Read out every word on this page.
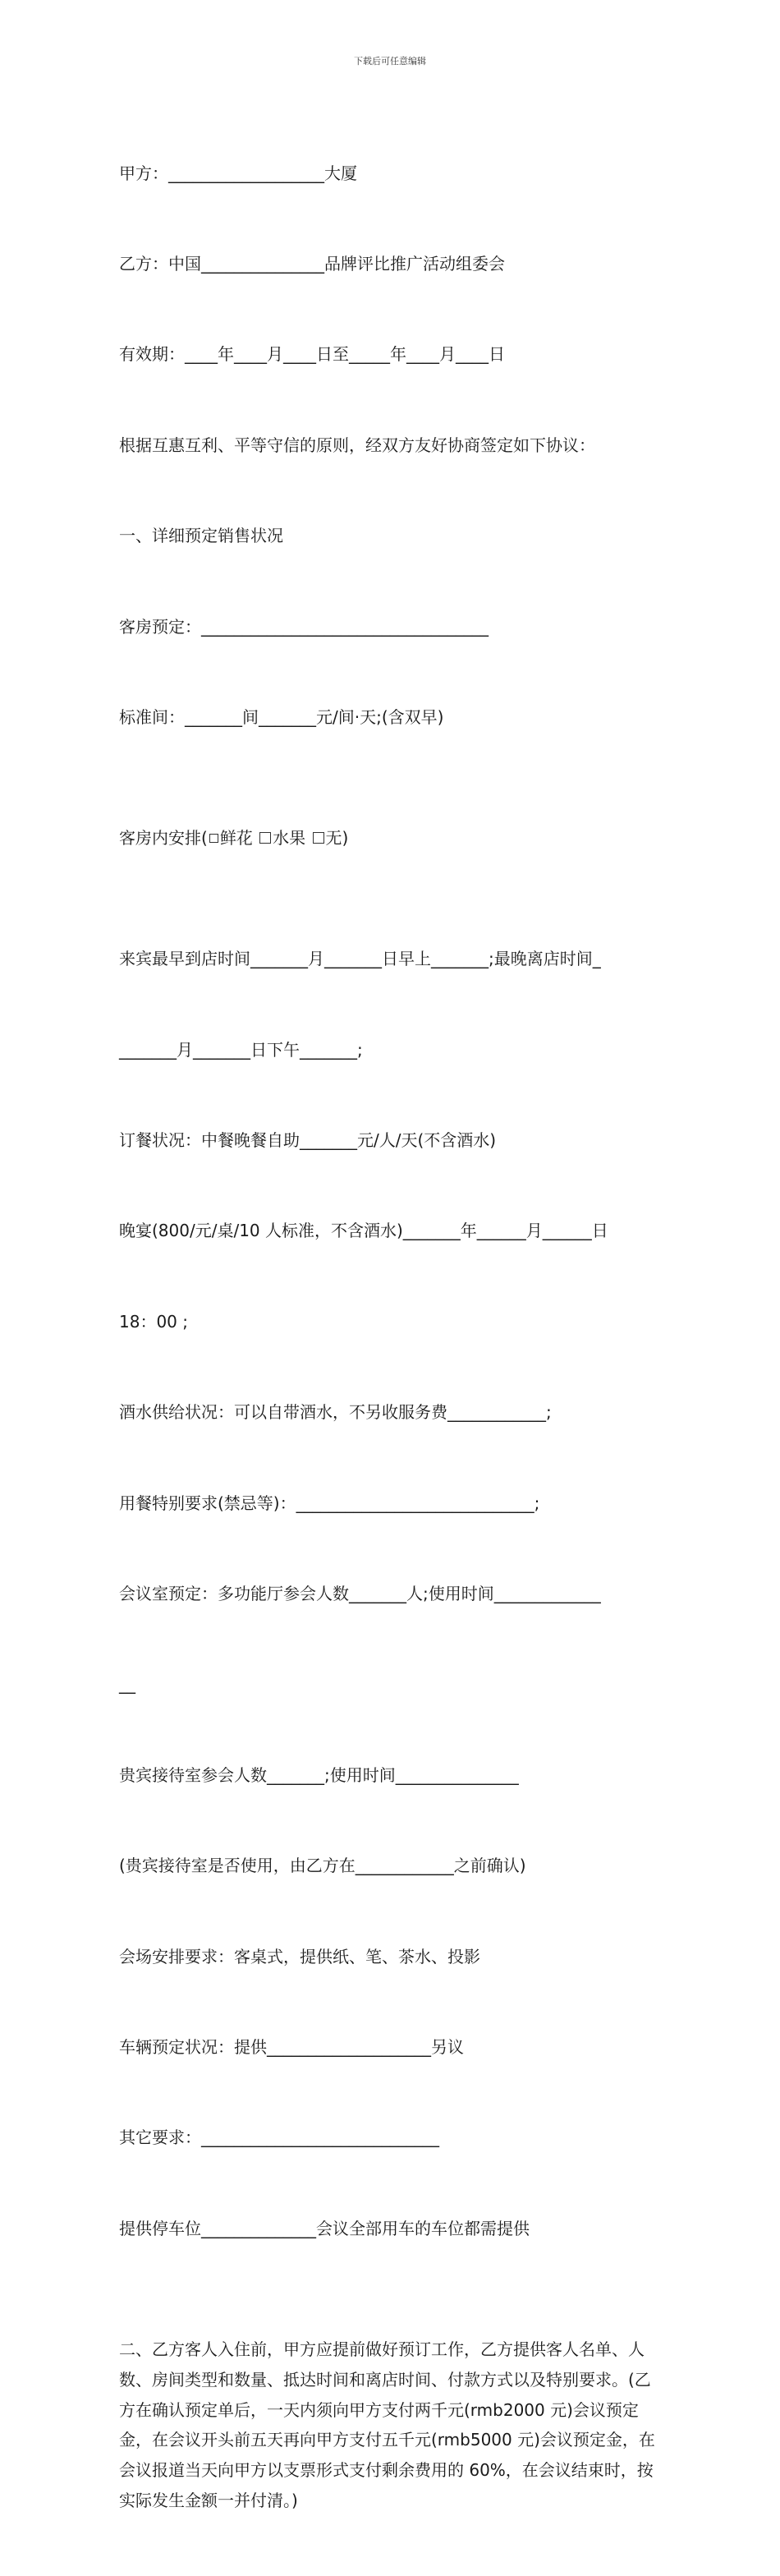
下载后可任意编辑

甲方：___________________大厦

乙方：中国_______________品牌评比推广活动组委会

有效期：____年____月____日至_____年____月____日

根据互惠互利、平等守信的原则，经双方友好协商签定如下协议：

一、详细预定销售状况

客房预定：___________________________________

标准间：_______间_______元/间·天;(含双早)

客房内安排( 鲜花 水果 无)

来宾最早到店时间_______月_______日早上_______;最晚离店时间_

_______月_______日下午_______;

订餐状况：中餐晚餐自助_______元/人/天(不含酒水)

晚宴(800/元/桌/10 人标准，不含酒水)_______年______月______日

18：00 ;

酒水供给状况：可以自带酒水，不另收服务费____________;

用餐特别要求(禁忌等)：_____________________________;

会议室预定：多功能厅参会人数_______人;使用时间_____________

__

贵宾接待室参会人数_______;使用时间_______________

(贵宾接待室是否使用，由乙方在____________之前确认)

会场安排要求：客桌式，提供纸、笔、茶水、投影

车辆预定状况：提供____________________另议

其它要求：_____________________________

提供停车位______________会议全部用车的车位都需提供

二、乙方客人入住前，甲方应提前做好预订工作，乙方提供客人名单、人数、房间类型和数量、抵达时间和离店时间、付款方式以及特别要求。(乙方在确认预定单后，一天内须向甲方支付两千元(rmb2000 元)会议预定金，在会议开头前五天再向甲方支付五千元(rmb5000 元)会议预定金，在会议报道当天向甲方以支票形式支付剩余费用的 60%，在会议结束时，按实际发生金额一并付清。)
